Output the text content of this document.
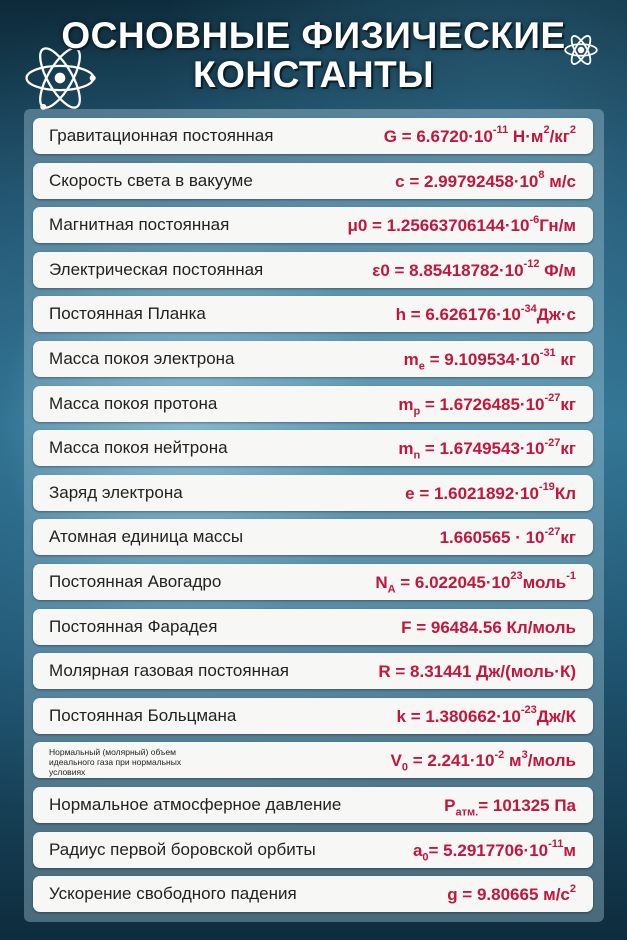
ОСНОВНЫЕ ФИЗИЧЕСКИЕ
КОНСТАНТЫ
Гравитационная постоянная	$G = 6.6720\cdot 10^{-11}$ $Н\cdot м^2/кг^2$
Скорость света в вакууме	$c = 2.99792458\cdot 10^8$ м/с
Магнитная постоянная	$\mu 0 = 1.25663706144\cdot 10^{-6}Гн/м$
Электрическая постоянная	$\varepsilon 0 = 8.85418782\cdot 10^{-12}$ Ф/м
Постоянная Планка	$h = 6.626176\cdot 10^{-34}Дж\cdot с$
Масса покоя электрона	$m_e = 9.109534\cdot 10^{-31}$ кг
Масса покоя протона	$m_p = 1.6726485\cdot 10^{-27}кг$
Масса покоя нейтрона	$m_n = 1.6749543\cdot 10^{-27}кг$
Заряд электрона	$e = 1.6021892\cdot 10^{-19}Кл$
Атомная единица массы	$1.660565 \cdot 10^{-27}кг$
Постоянная Авогадро	$N_A$ = $6.022045\cdot 10^{23}моль^{-1}$
Постоянная Фарадея	F = 96484.56 Кл/моль
Молярная газовая постоянная	R = 8.31441 Дж/(моль·К)
Постоянная Больцмана	$k = 1.380662\cdot 10^{-23}Дж/К$
Нормальный (молярный) объем идеального газа при нормальных условиях
$V_0 = 2.241\cdot 10^{-2}$ $м^3$/моль
Нормальное атмосферное давление	$P_{атм.}= 101325$ Па
Радиус первой боровской орбиты	$a_0= 5.2917706\cdot 10^{-11}м$
Ускорение свободного падения	g = 9.80665 $м/с^2$
